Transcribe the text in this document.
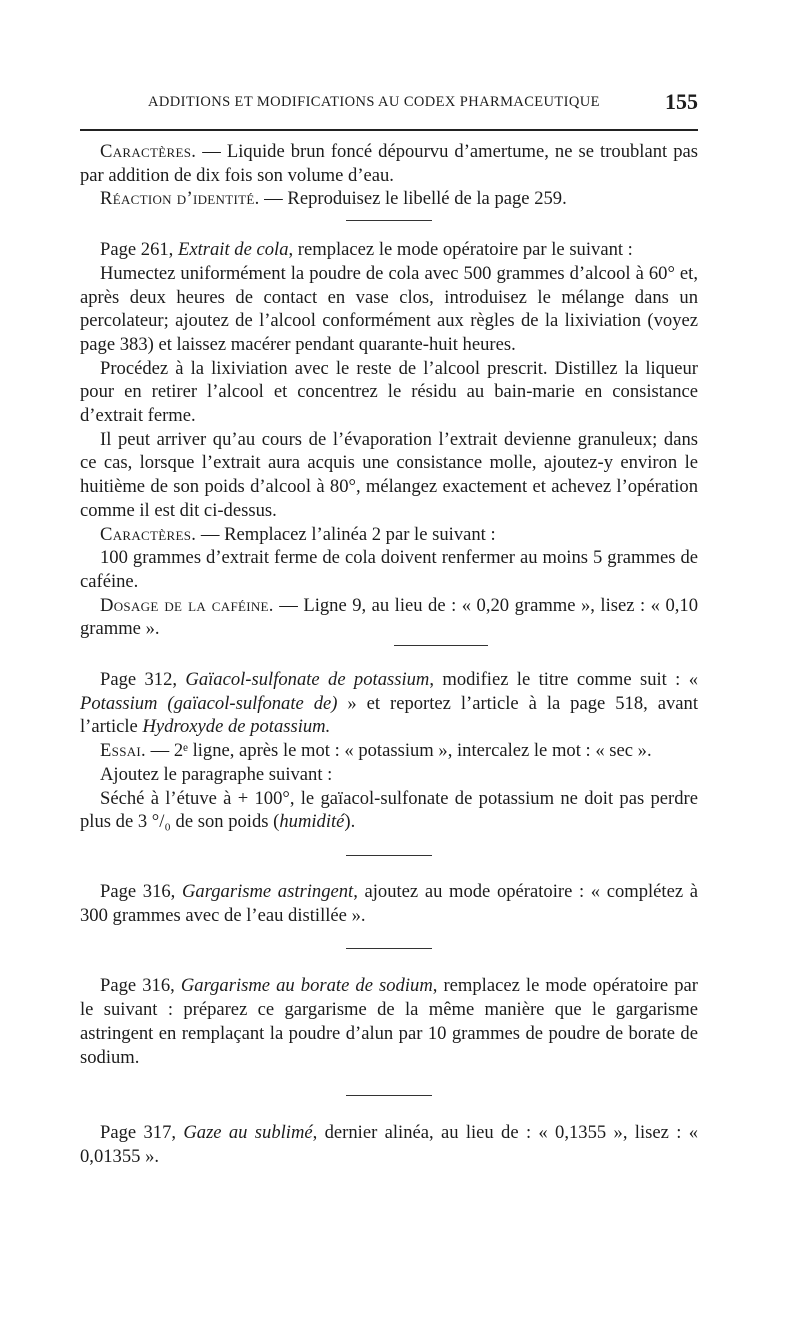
ADDITIONS ET MODIFICATIONS AU CODEX PHARMACEUTIQUE	155

Caractères. — Liquide brun foncé dépourvu d’amertume, ne se troublant pas par addition de dix fois son volume d’eau.

Réaction d’identité. — Reproduisez le libellé de la page 259.

Page 261, Extrait de cola, remplacez le mode opératoire par le suivant :

Humectez uniformément la poudre de cola avec 500 grammes d’alcool à 60° et, après deux heures de contact en vase clos, introduisez le mélange dans un percolateur; ajoutez de l’alcool conformément aux règles de la lixiviation (voyez page 383) et laissez macérer pendant quarante-huit heures.

Procédez à la lixiviation avec le reste de l’alcool prescrit. Distillez la liqueur pour en retirer l’alcool et concentrez le résidu au bain-marie en consistance d’extrait ferme.

Il peut arriver qu’au cours de l’évaporation l’extrait devienne granuleux; dans ce cas, lorsque l’extrait aura acquis une consistance molle, ajoutez-y environ le huitième de son poids d’alcool à 80°, mélangez exactement et achevez l’opération comme il est dit ci-dessus.

Caractères. — Remplacez l’alinéa 2 par le suivant :

100 grammes d’extrait ferme de cola doivent renfermer au moins 5 grammes de caféine.

Dosage de la caféine. — Ligne 9, au lieu de : « 0,20 gramme », lisez : « 0,10 gramme ».

Page 312, Gaïacol-sulfonate de potassium, modifiez le titre comme suit : « Potassium (gaïacol-sulfonate de) » et reportez l’article à la page 518, avant l’article Hydroxyde de potassium.

Essai. — 2ᵉ ligne, après le mot : « potassium », intercalez le mot : « sec ».

Ajoutez le paragraphe suivant :

Séché à l’étuve à + 100°, le gaïacol-sulfonate de potassium ne doit pas perdre plus de 3 °/₀ de son poids (humidité).

Page 316, Gargarisme astringent, ajoutez au mode opératoire : « complétez à 300 grammes avec de l’eau distillée ».

Page 316, Gargarisme au borate de sodium, remplacez le mode opératoire par le suivant : préparez ce gargarisme de la même manière que le gargarisme astringent en remplaçant la poudre d’alun par 10 grammes de poudre de borate de sodium.

Page 317, Gaze au sublimé, dernier alinéa, au lieu de : « 0,1355 », lisez : « 0,01355 ».
